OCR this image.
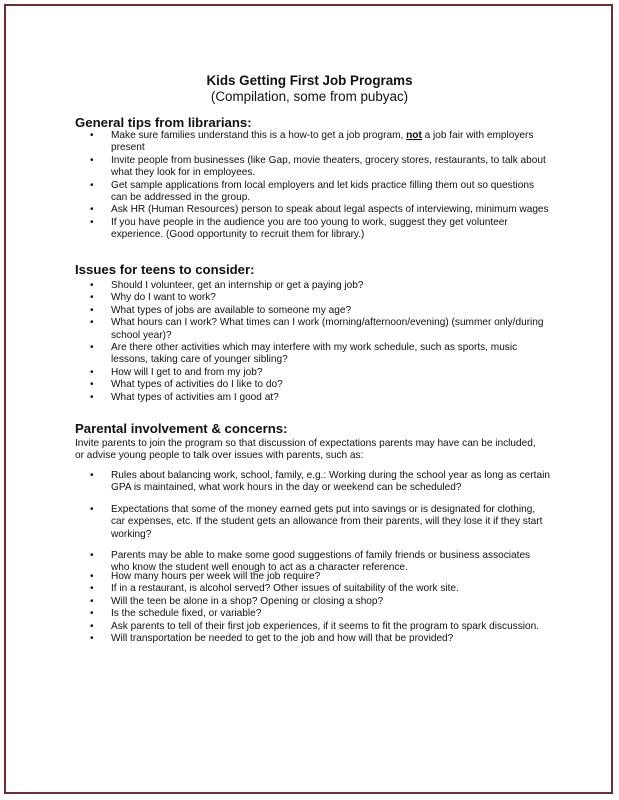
Kids Getting First Job Programs
(Compilation, some from pubyac)
General tips from librarians:
• Make sure families understand this is a how-to get a job program, not a job fair with employers present
• Invite people from businesses (like Gap, movie theaters, grocery stores, restaurants, to talk about what they look for in employees.
• Get sample applications from local employers and let kids practice filling them out so questions can be addressed in the group.
• Ask HR (Human Resources) person to speak about legal aspects of interviewing, minimum wages
• If you have people in the audience you are too young to work, suggest they get volunteer experience. (Good opportunity to recruit them for library.)
Issues for teens to consider:
• Should I volunteer, get an internship or get a paying job?
• Why do I want to work?
• What types of jobs are available to someone my age?
• What hours can I work? What times can I work (morning/afternoon/evening) (summer only/during school year)?
• Are there other activities which may interfere with my work schedule, such as sports, music lessons, taking care of younger sibling?
• How will I get to and from my job?
• What types of activities do I like to do?
• What types of activities am I good at?
Parental involvement & concerns:
Invite parents to join the program so that discussion of expectations parents may have can be included, or advise young people to talk over issues with parents, such as:
• Rules about balancing work, school, family, e.g.: Working during the school year as long as certain GPA is maintained, what work hours in the day or weekend can be scheduled?
• Expectations that some of the money earned gets put into savings or is designated for clothing, car expenses, etc. If the student gets an allowance from their parents, will they lose it if they start working?
• Parents may be able to make some good suggestions of family friends or business associates who know the student well enough to act as a character reference.
• How many hours per week will the job require?
• If in a restaurant, is alcohol served? Other issues of suitability of the work site.
• Will the teen be alone in a shop? Opening or closing a shop?
• Is the schedule fixed, or variable?
• Ask parents to tell of their first job experiences, if it seems to fit the program to spark discussion.
• Will transportation be needed to get to the job and how will that be provided?
